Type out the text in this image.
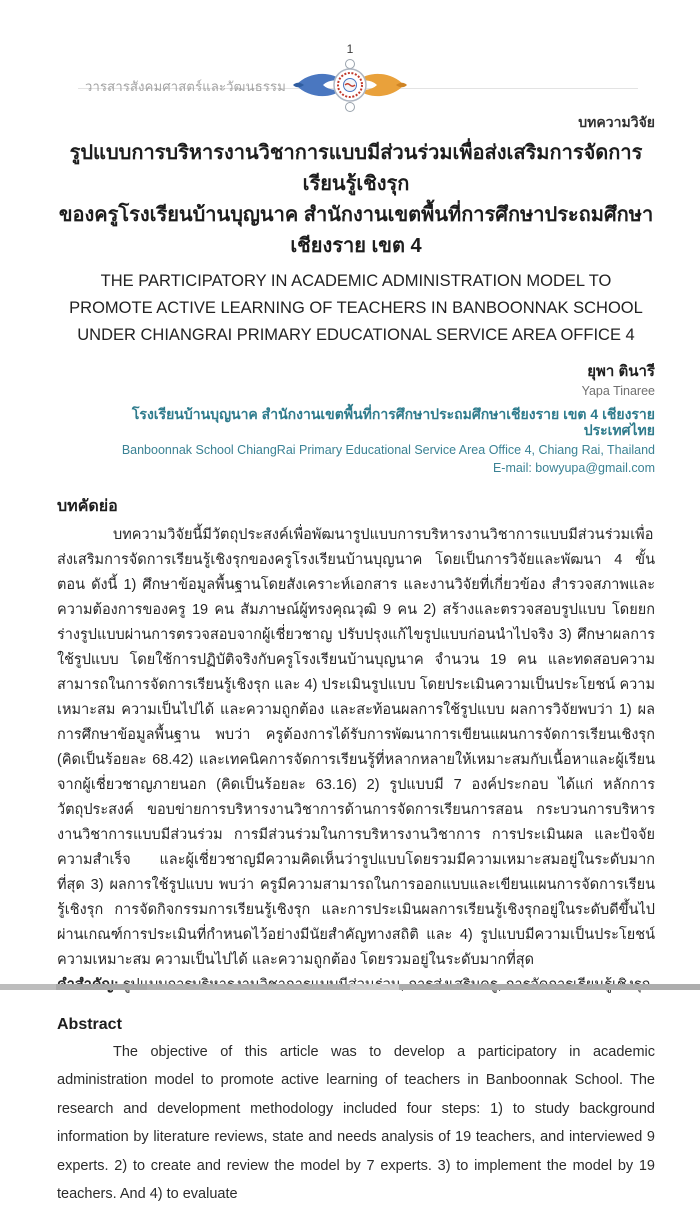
วารสารสังคมศาสตร์และวัฒนธรรม
1
บทความวิจัย
รูปแบบการบริหารงานวิชาการแบบมีส่วนร่วมเพื่อส่งเสริมการจัดการเรียนรู้เชิงรุก
ของครูโรงเรียนบ้านบุญนาค สำนักงานเขตพื้นที่การศึกษาประถมศึกษาเชียงราย เขต 4
THE PARTICIPATORY IN ACADEMIC ADMINISTRATION MODEL TO PROMOTE ACTIVE LEARNING OF TEACHERS IN BANBOONNAK SCHOOL UNDER CHIANGRAI PRIMARY EDUCATIONAL SERVICE AREA OFFICE 4
ยุพา ตินารี
Yapa Tinaree
โรงเรียนบ้านบุญนาค สำนักงานเขตพื้นที่การศึกษาประถมศึกษาเชียงราย เขต 4 เชียงราย ประเทศไทย
Banboonnak School ChiangRai Primary Educational Service Area Office 4, Chiang Rai, Thailand
E-mail: bowyupa@gmail.com
บทคัดย่อ
บทความวิจัยนี้มีวัตถุประสงค์เพื่อพัฒนารูปแบบการบริหารงานวิชาการแบบมีส่วนร่วมเพื่อส่งเสริมการจัดการเรียนรู้เชิงรุกของครูโรงเรียนบ้านบุญนาค โดยเป็นการวิจัยและพัฒนา 4 ขั้นตอน ดังนี้ 1) ศึกษาข้อมูลพื้นฐานโดยสังเคราะห์เอกสาร และงานวิจัยที่เกี่ยวข้อง สำรวจสภาพและความต้องการของครู 19 คน สัมภาษณ์ผู้ทรงคุณวุฒิ 9 คน 2) สร้างและตรวจสอบรูปแบบ โดยยกร่างรูปแบบผ่านการตรวจสอบจากผู้เชี่ยวชาญ ปรับปรุงแก้ไขรูปแบบก่อนนำไปจริง 3) ศึกษาผลการใช้รูปแบบ โดยใช้การปฏิบัติจริงกับครูโรงเรียนบ้านบุญนาค จำนวน 19 คน และทดสอบความสามารถในการจัดการเรียนรู้เชิงรุก และ 4) ประเมินรูปแบบ โดยประเมินความเป็นประโยชน์ ความเหมาะสม ความเป็นไปได้ และความถูกต้อง และสะท้อนผลการใช้รูปแบบ ผลการวิจัยพบว่า 1) ผลการศึกษาข้อมูลพื้นฐาน พบว่า ครูต้องการได้รับการพัฒนาการเขียนแผนการจัดการเรียนเชิงรุก (คิดเป็นร้อยละ 68.42) และเทคนิคการจัดการเรียนรู้ที่หลากหลายให้เหมาะสมกับเนื้อหาและผู้เรียนจากผู้เชี่ยวชาญภายนอก (คิดเป็นร้อยละ 63.16) 2) รูปแบบมี 7 องค์ประกอบ ได้แก่ หลักการ วัตถุประสงค์ ขอบข่ายการบริหารงานวิชาการด้านการจัดการเรียนการสอน กระบวนการบริหารงานวิชาการแบบมีส่วนร่วม การมีส่วนร่วมในการบริหารงานวิชาการ การประเมินผล และปัจจัยความสำเร็จ และผู้เชี่ยวชาญมีความคิดเห็นว่ารูปแบบโดยรวมมีความเหมาะสมอยู่ในระดับมากที่สุด 3) ผลการใช้รูปแบบ พบว่า ครูมีความสามารถในการออกแบบและเขียนแผนการจัดการเรียนรู้เชิงรุก การจัดกิจกรรมการเรียนรู้เชิงรุก และการประเมินผลการเรียนรู้เชิงรุกอยู่ในระดับดีขึ้นไป ผ่านเกณฑ์การประเมินที่กำหนดไว้อย่างมีนัยสำคัญทางสถิติ และ 4) รูปแบบมีความเป็นประโยชน์ ความเหมาะสม ความเป็นไปได้ และความถูกต้อง โดยรวมอยู่ในระดับมากที่สุด
Abstract
The objective of this article was to develop a participatory in academic administration model to promote active learning of teachers in Banboonnak School. The research and development methodology included four steps: 1) to study background information by literature reviews, state and needs analysis of 19 teachers, and interviewed 9 experts. 2) to create and review the model by 7 experts. 3) to implement the model by 19 teachers. And 4) to evaluate
